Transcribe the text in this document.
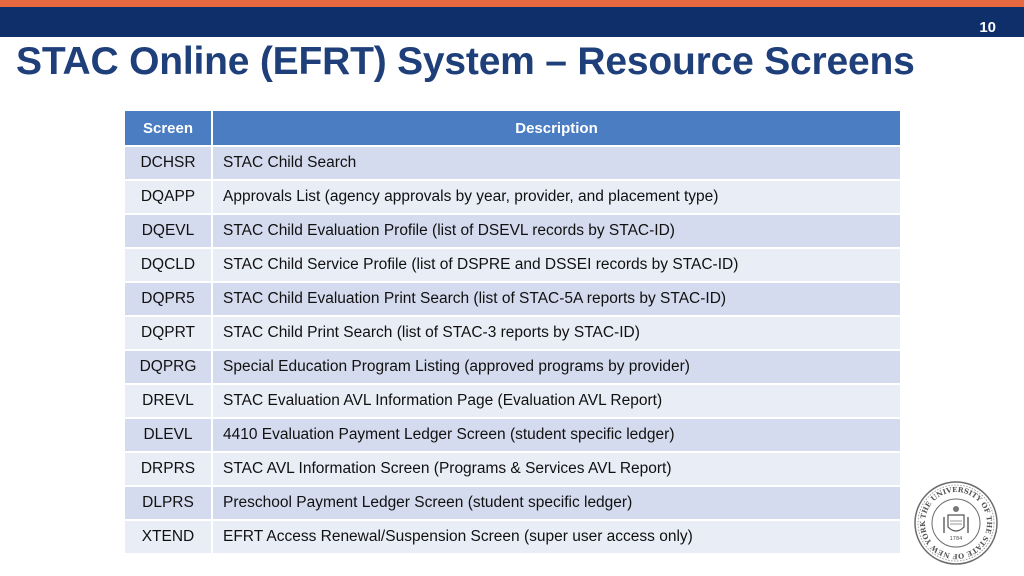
10
STAC Online (EFRT) System – Resource Screens
Screen	Description
DCHSR	STAC Child Search
DQAPP	Approvals List (agency approvals by year, provider, and placement type)
DQEVL	STAC Child Evaluation Profile (list of DSEVL records by STAC-ID)
DQCLD	STAC Child Service Profile (list of DSPRE and DSSEI records by STAC-ID)
DQPR5	STAC Child Evaluation Print Search (list of STAC-5A reports by STAC-ID)
DQPRT	STAC Child Print Search (list of STAC-3 reports by STAC-ID)
DQPRG	Special Education Program Listing (approved programs by provider)
DREVL	STAC Evaluation AVL Information Page (Evaluation AVL Report)
DLEVL	4410 Evaluation Payment Ledger Screen (student specific ledger)
DRPRS	STAC AVL Information Screen (Programs & Services AVL Report)
DLPRS	Preschool Payment Ledger Screen (student specific ledger)
XTEND	EFRT Access Renewal/Suspension Screen (super user access only)
THE UNIVERSITY OF THE STATE OF NEW YORK
1784
